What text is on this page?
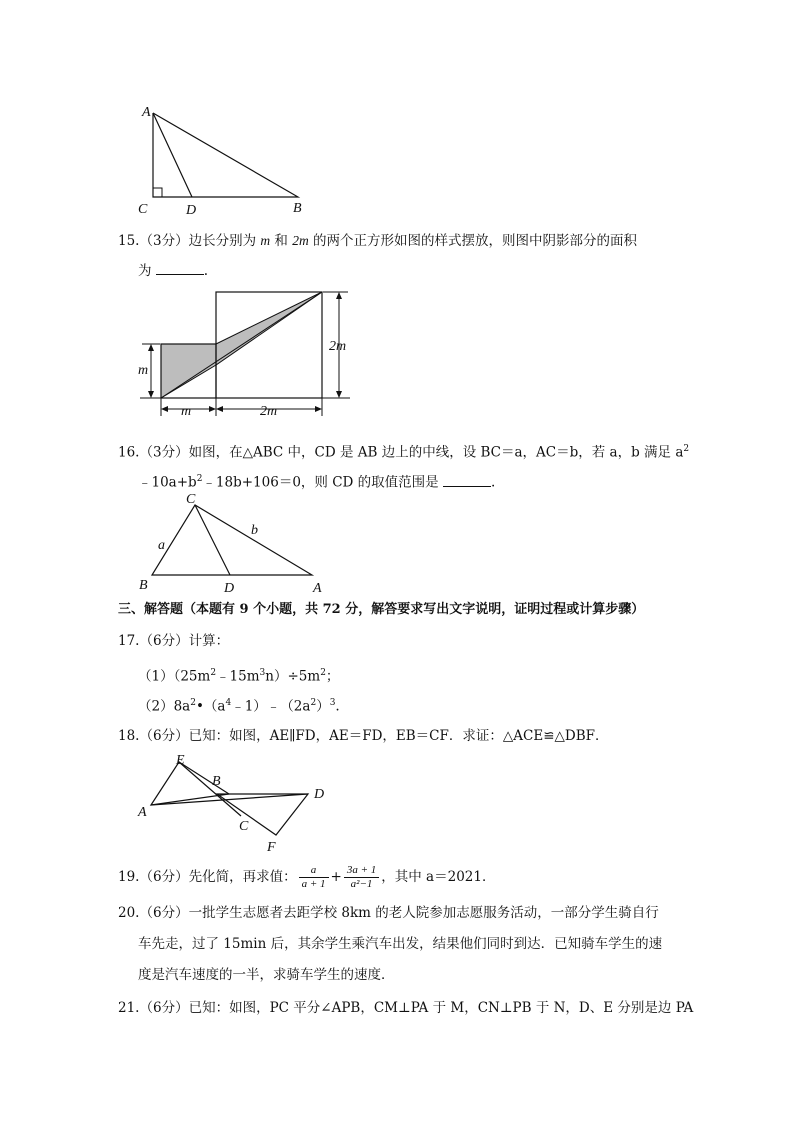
A
C	D	B
15.（3分）边长分别为 m 和 2m 的两个正方形如图的样式摆放，则图中阴影部分的面积
为	.
m
2m
m	2m
16.（3分）如图，在△ABC 中，CD 是 AB 边上的中线，设 BC＝a，AC＝b，若 a，b 满足 $a^2$
$﹣10a+b^2﹣18b+106=0$，则 CD 的取值范围是	.
C
a
b
B	D	A
三、解答题（本题有 9 个小题，共 72 分，解答要求写出文字说明，证明过程或计算步骤）
17.（6分）计算：
$(1)(25m^2﹣15m^3n)\div 5m^2$；
$(2)8a^2•(a^4﹣1)﹣(2a^2)^3$.
18.（6分）已知：如图，AE∥FD，AE＝FD，EB＝CF．求证：△ACE≌△DBF．
E
B
D
A
C
F
19.（6分）先化简，再求值： $\frac{a}{a + 1} + \frac{3a + 1}{\text{a²−1}}$ ，其中 a＝2021．
20.（6分）一批学生志愿者去距学校 8km 的老人院参加志愿服务活动，一部分学生骑自行
车先走，过了 15min 后，其余学生乘汽车出发，结果他们同时到达．已知骑车学生的速
度是汽车速度的一半，求骑车学生的速度．
21.（6分）已知：如图，PC 平分∠APB，CM⊥PA 于 M，CN⊥PB 于 N，D、E 分别是边 PA
